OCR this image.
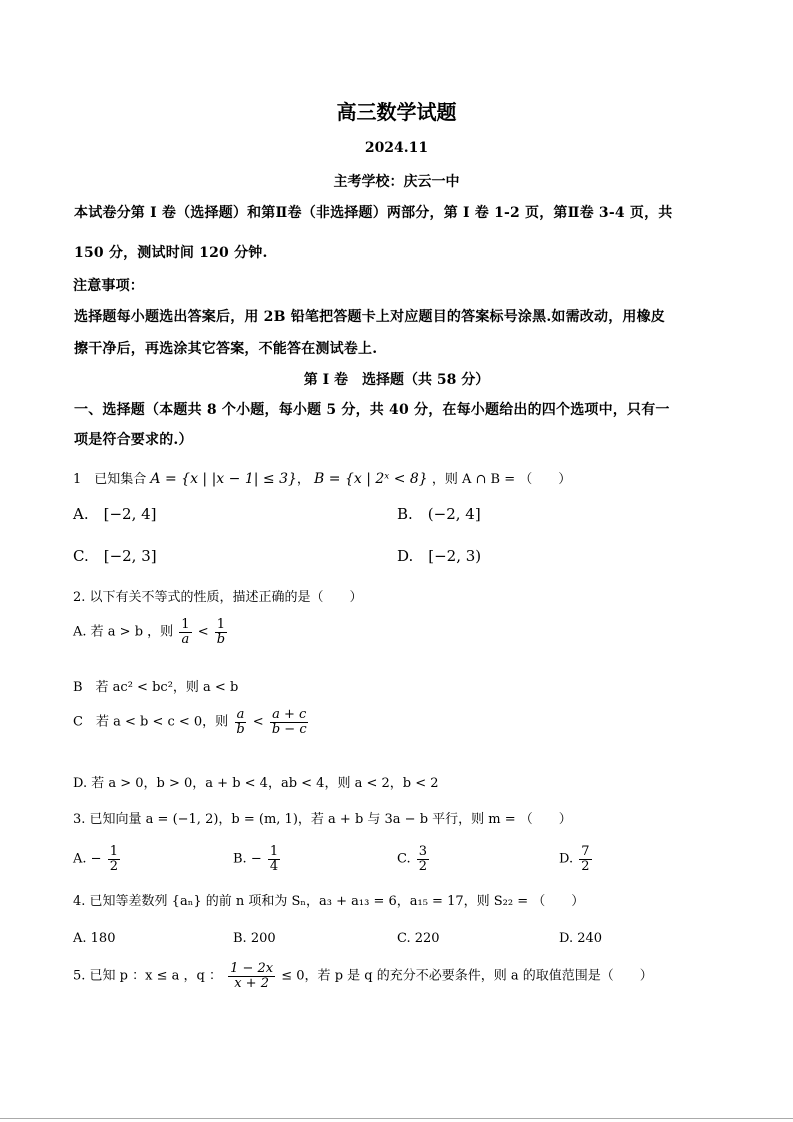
高三数学试题
2024.11
主考学校：庆云一中
本试卷分第 I 卷（选择题）和第Ⅱ卷（非选择题）两部分，第 I 卷 1-2 页，第Ⅱ卷 3-4 页，共
150 分，测试时间 120 分钟.
注意事项：
选择题每小题选出答案后，用 2B 铅笔把答题卡上对应题目的答案标号涂黑.如需改动，用橡皮
擦干净后，再选涂其它答案，不能答在测试卷上.
第 I 卷　选择题（共 58 分）
一、选择题（本题共 8 个小题，每小题 5 分，共 40 分，在每小题给出的四个选项中，只有一
项是符合要求的.）
1　已知集合 A = {x | |x − 1| ≤ 3}， B = {x | 2ˣ < 8} ，则 A ∩ B = （　　）
A.　[−2, 4]	B.　(−2, 4]
C.　[−2, 3]	D.　[−2, 3)
2. 以下有关不等式的性质，描述正确的是（　　）
A. 若 a > b ，则 $\frac{1}{a} < \frac{1}{b}$
B　若 ac² < bc²，则 a < b
C　若 a < b < c < 0，则 $\frac{a}{b} < \frac{a + c}{b - c}$
D. 若 a > 0，b > 0，a + b < 4，ab < 4，则 a < 2，b < 2
3. 已知向量 a = (−1, 2)，b = (m, 1)，若 a + b 与 3a − b 平行，则 m = （　　）
A. − $\frac{1}{2}$	B. − $\frac{1}{4}$	C. $\frac{3}{2}$	D. $\frac{7}{2}$
4. 已知等差数列 {aₙ} 的前 n 项和为 Sₙ，a₃ + a₁₃ = 6，a₁₅ = 17，则 S₂₂ = （　　）
A. 180	B. 200	C. 220	D. 240
5. 已知 p ：x ≤ a ，q ： $\frac{1 - 2x}{x + 2} \le 0$，若 p 是 q 的充分不必要条件，则 a 的取值范围是（　　）
